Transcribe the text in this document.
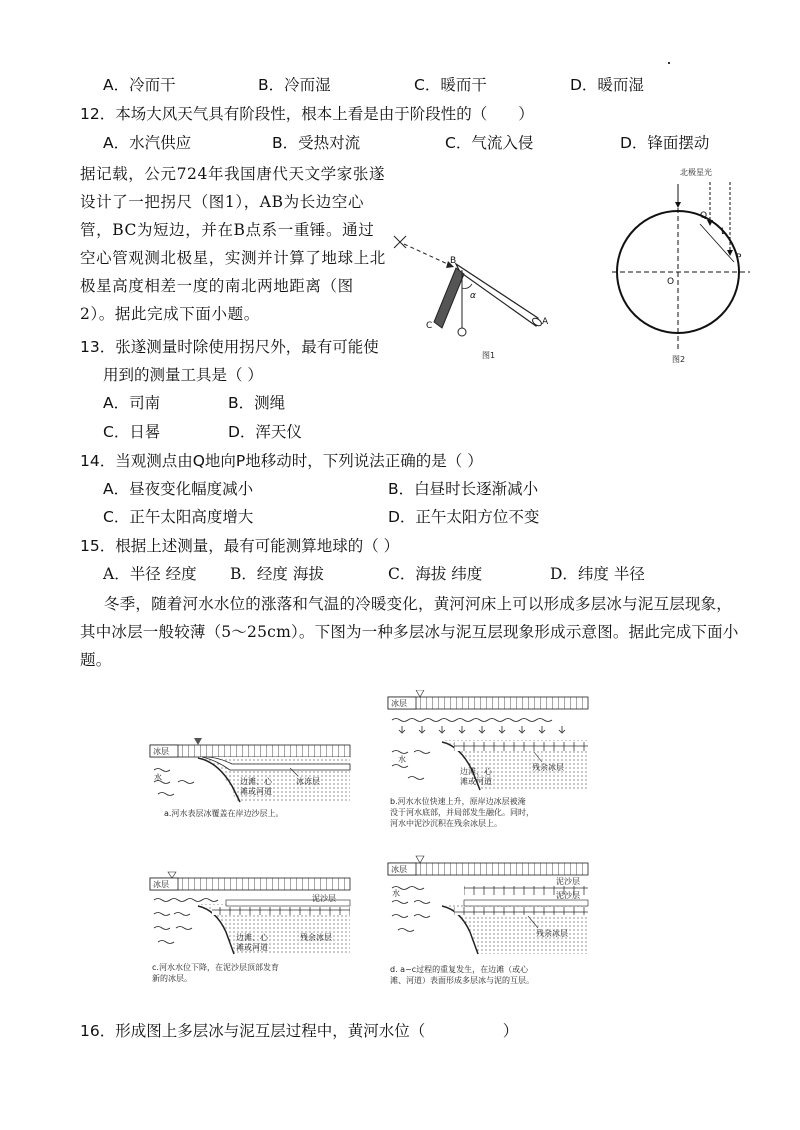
A．冷而干	B．冷而湿	C．暖而干	D．暖而湿
12．本场大风天气具有阶段性，根本上看是由于阶段性的（　　）
A．水汽供应	B．受热对流	C．气流入侵	D．锋面摆动
据记载，公元724年我国唐代天文学家张遂
设计了一把拐尺（图1），AB为长边空心
管，BC为短边，并在B点系一重锤。通过
空心管观测北极星，实测并计算了地球上北
极星高度相差一度的南北两地距离（图
2）。据此完成下面小题。
B
C	A
α
图1
北极星光
Q
L
P
O
图2
13．张遂测量时除使用拐尺外，最有可能使
用到的测量工具是（ ）
A．司南	B．测绳
C．日晷	D．浑天仪
14．当观测点由Q地向P地移动时，下列说法正确的是（ ）
A．昼夜变化幅度减小	B．白昼时长逐渐减小
C．正午太阳高度增大	D．正午太阳方位不变
15．根据上述测量，最有可能测算地球的（ ）
A．半径 经度 B．经度 海拔	C．海拔 纬度	D．纬度 半径
冬季，随着河水水位的涨落和气温的冷暖变化，黄河河床上可以形成多层冰与泥互层现象，
其中冰层一般较薄（5～25cm）。下图为一种多层冰与泥互层现象形成示意图。据此完成下面小
题。
冰层
水	边滩、心
滩或河道
冰冻层
a.河水表层冰覆盖在岸边沙层上。
冰层
水
边滩、心
滩或河道
残余冰层
b.河水水位快速上升，原岸边冰层被淹
没于河水底部，并局部发生融化。同时，
河水中泥沙沉积在残余冰层上。
冰层
泥沙层
边滩、心
滩或河道
残余冰层
c.河水水位下降，在泥沙层顶部发育
新的冰层。
冰层
水
泥沙层
泥沙层
残余冰层
d. a~c过程的重复发生，在边滩（或心
滩、河道）表面形成多层冰与泥的互层。
16．形成图上多层冰与泥互层过程中，黄河水位（　　　　　）
